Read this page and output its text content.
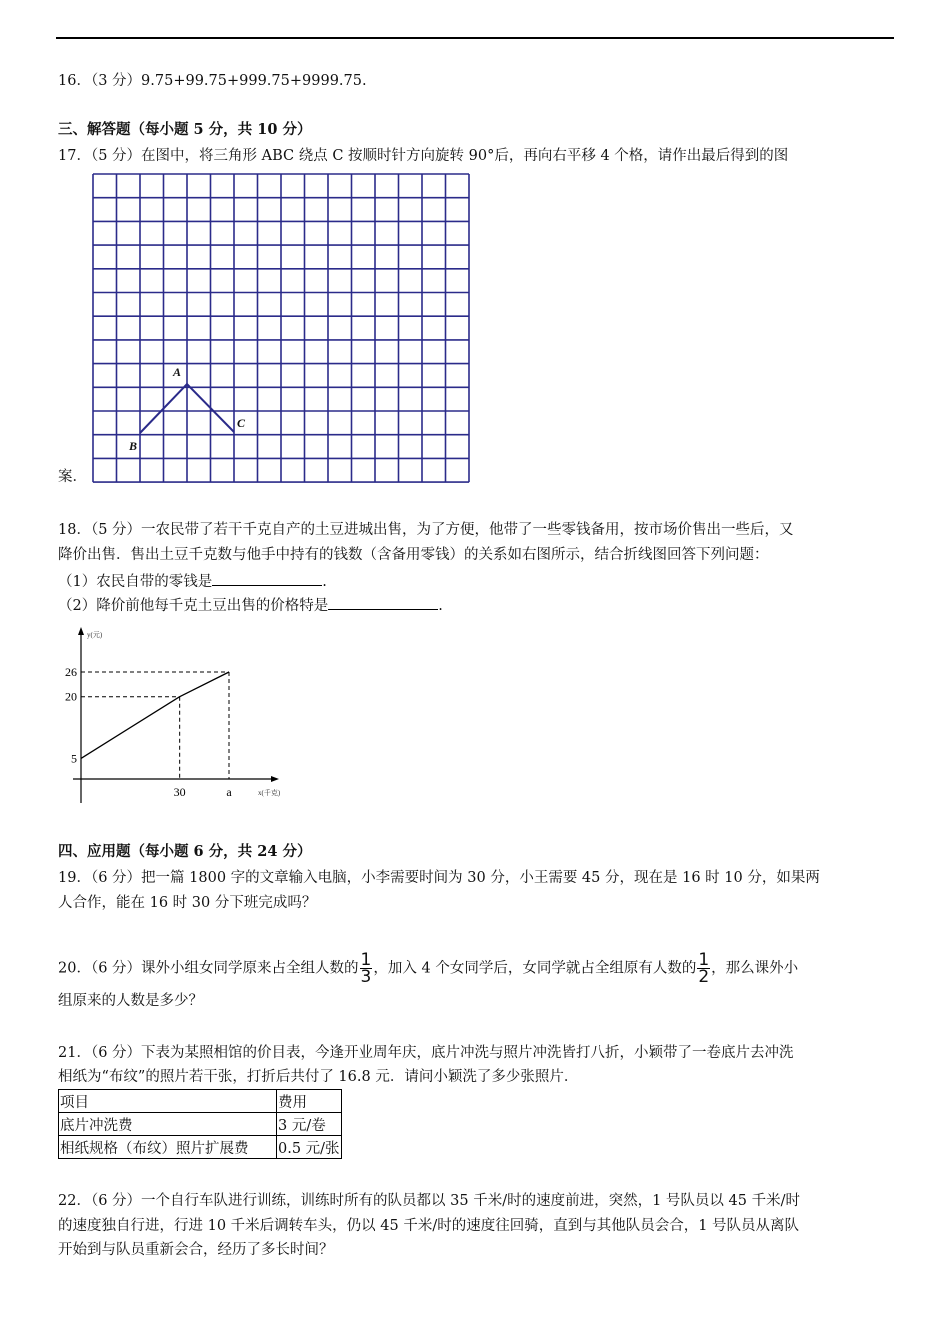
16．（3 分）9.75+99.75+999.75+9999.75.
三、解答题（每小题 5 分，共 10 分）
17．（5 分）在图中，将三角形 ABC 绕点 C 按顺时针方向旋转 90°后，再向右平移 4 个格，请作出最后得到的图
A
B
C
案．
18．（5 分）一农民带了若干千克自产的土豆进城出售，为了方便，他带了一些零钱备用，按市场价售出一些后，又
降价出售．售出土豆千克数与他手中持有的钱数（含备用零钱）的关系如右图所示，结合折线图回答下列问题：
（1）农民自带的零钱是	.
（2）降价前他每千克土豆出售的价格特是	.
y(元)
x(千克)
5
20
26
30	a
四、应用题（每小题 6 分，共 24 分）
19．（6 分）把一篇 1800 字的文章输入电脑，小李需要时间为 30 分，小王需要 45 分，现在是 16 时 10 分，如果两
人合作，能在 16 时 30 分下班完成吗？
20．（6 分）课外小组女同学原来占全组人数的 $\frac{1}{3}$ ，加入 4 个女同学后，女同学就占全组原有人数的 $\frac{1}{2}$ ，那么课外小
组原来的人数是多少？
21．（6 分）下表为某照相馆的价目表，今逢开业周年庆，底片冲洗与照片冲洗皆打八折，小颖带了一卷底片去冲洗
相纸为“布纹”的照片若干张，打折后共付了 16.8 元．请问小颖洗了多少张照片．
项目	费用
底片冲洗费	3 元/卷
相纸规格（布纹）照片扩展费	0.5 元/张
22．（6 分）一个自行车队进行训练，训练时所有的队员都以 35 千米/时的速度前进，突然，1 号队员以 45 千米/时
的速度独自行进，行进 10 千米后调转车头，仍以 45 千米/时的速度往回骑，直到与其他队员会合，1 号队员从离队
开始到与队员重新会合，经历了多长时间？
